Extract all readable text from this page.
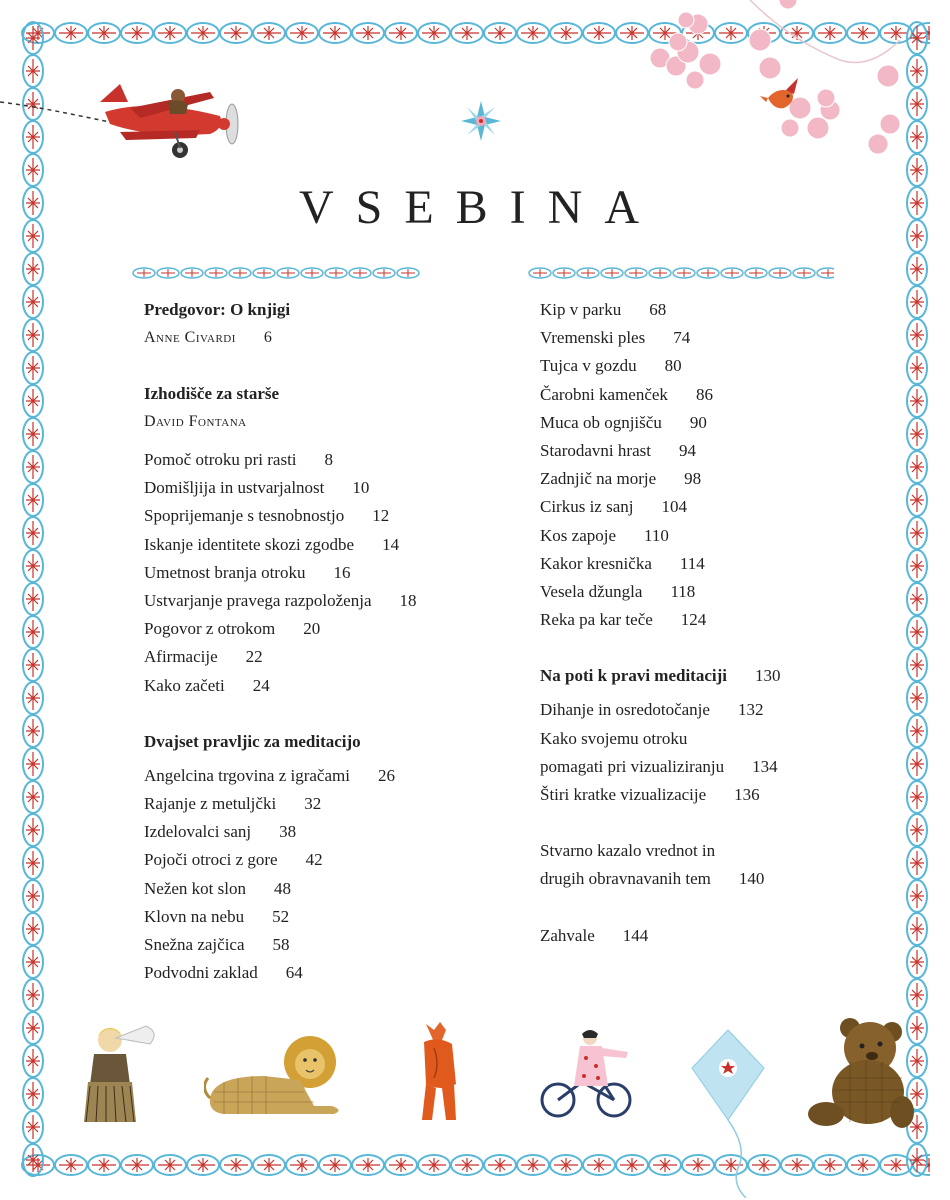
VSEBINA
Predgovor: O knjigi
Anne Civardi 6
Izhodišče za starše
David Fontana
Pomoč otroku pri rasti 8
Domišljija in ustvarjalnost 10
Spoprijemanje s tesnobnostjo 12
Iskanje identitete skozi zgodbe 14
Umetnost branja otroku 16
Ustvarjanje pravega razpoloženja 18
Pogovor z otrokom 20
Afirmacije 22
Kako začeti 24
Dvajset pravljic za meditacijo
Angelcina trgovina z igračami 26
Rajanje z metuljčki 32
Izdelovalci sanj 38
Pojoči otroci z gore 42
Nežen kot slon 48
Klovn na nebu 52
Snežna zajčica 58
Podvodni zaklad 64
Kip v parku 68
Vremenski ples 74
Tujca v gozdu 80
Čarobni kamenček 86
Muca ob ognjišču 90
Starodavni hrast 94
Zadnjič na morje 98
Cirkus iz sanj 104
Kos zapoje 110
Kakor kresnička 114
Vesela džungla 118
Reka pa kar teče 124
Na poti k pravi meditaciji 130
Dihanje in osredotočanje 132
Kako svojemu otroku
pomagati pri vizualiziranju 134
Štiri kratke vizualizacije 136
Stvarno kazalo vrednot in
drugih obravnavanih tem 140
Zahvale 144
